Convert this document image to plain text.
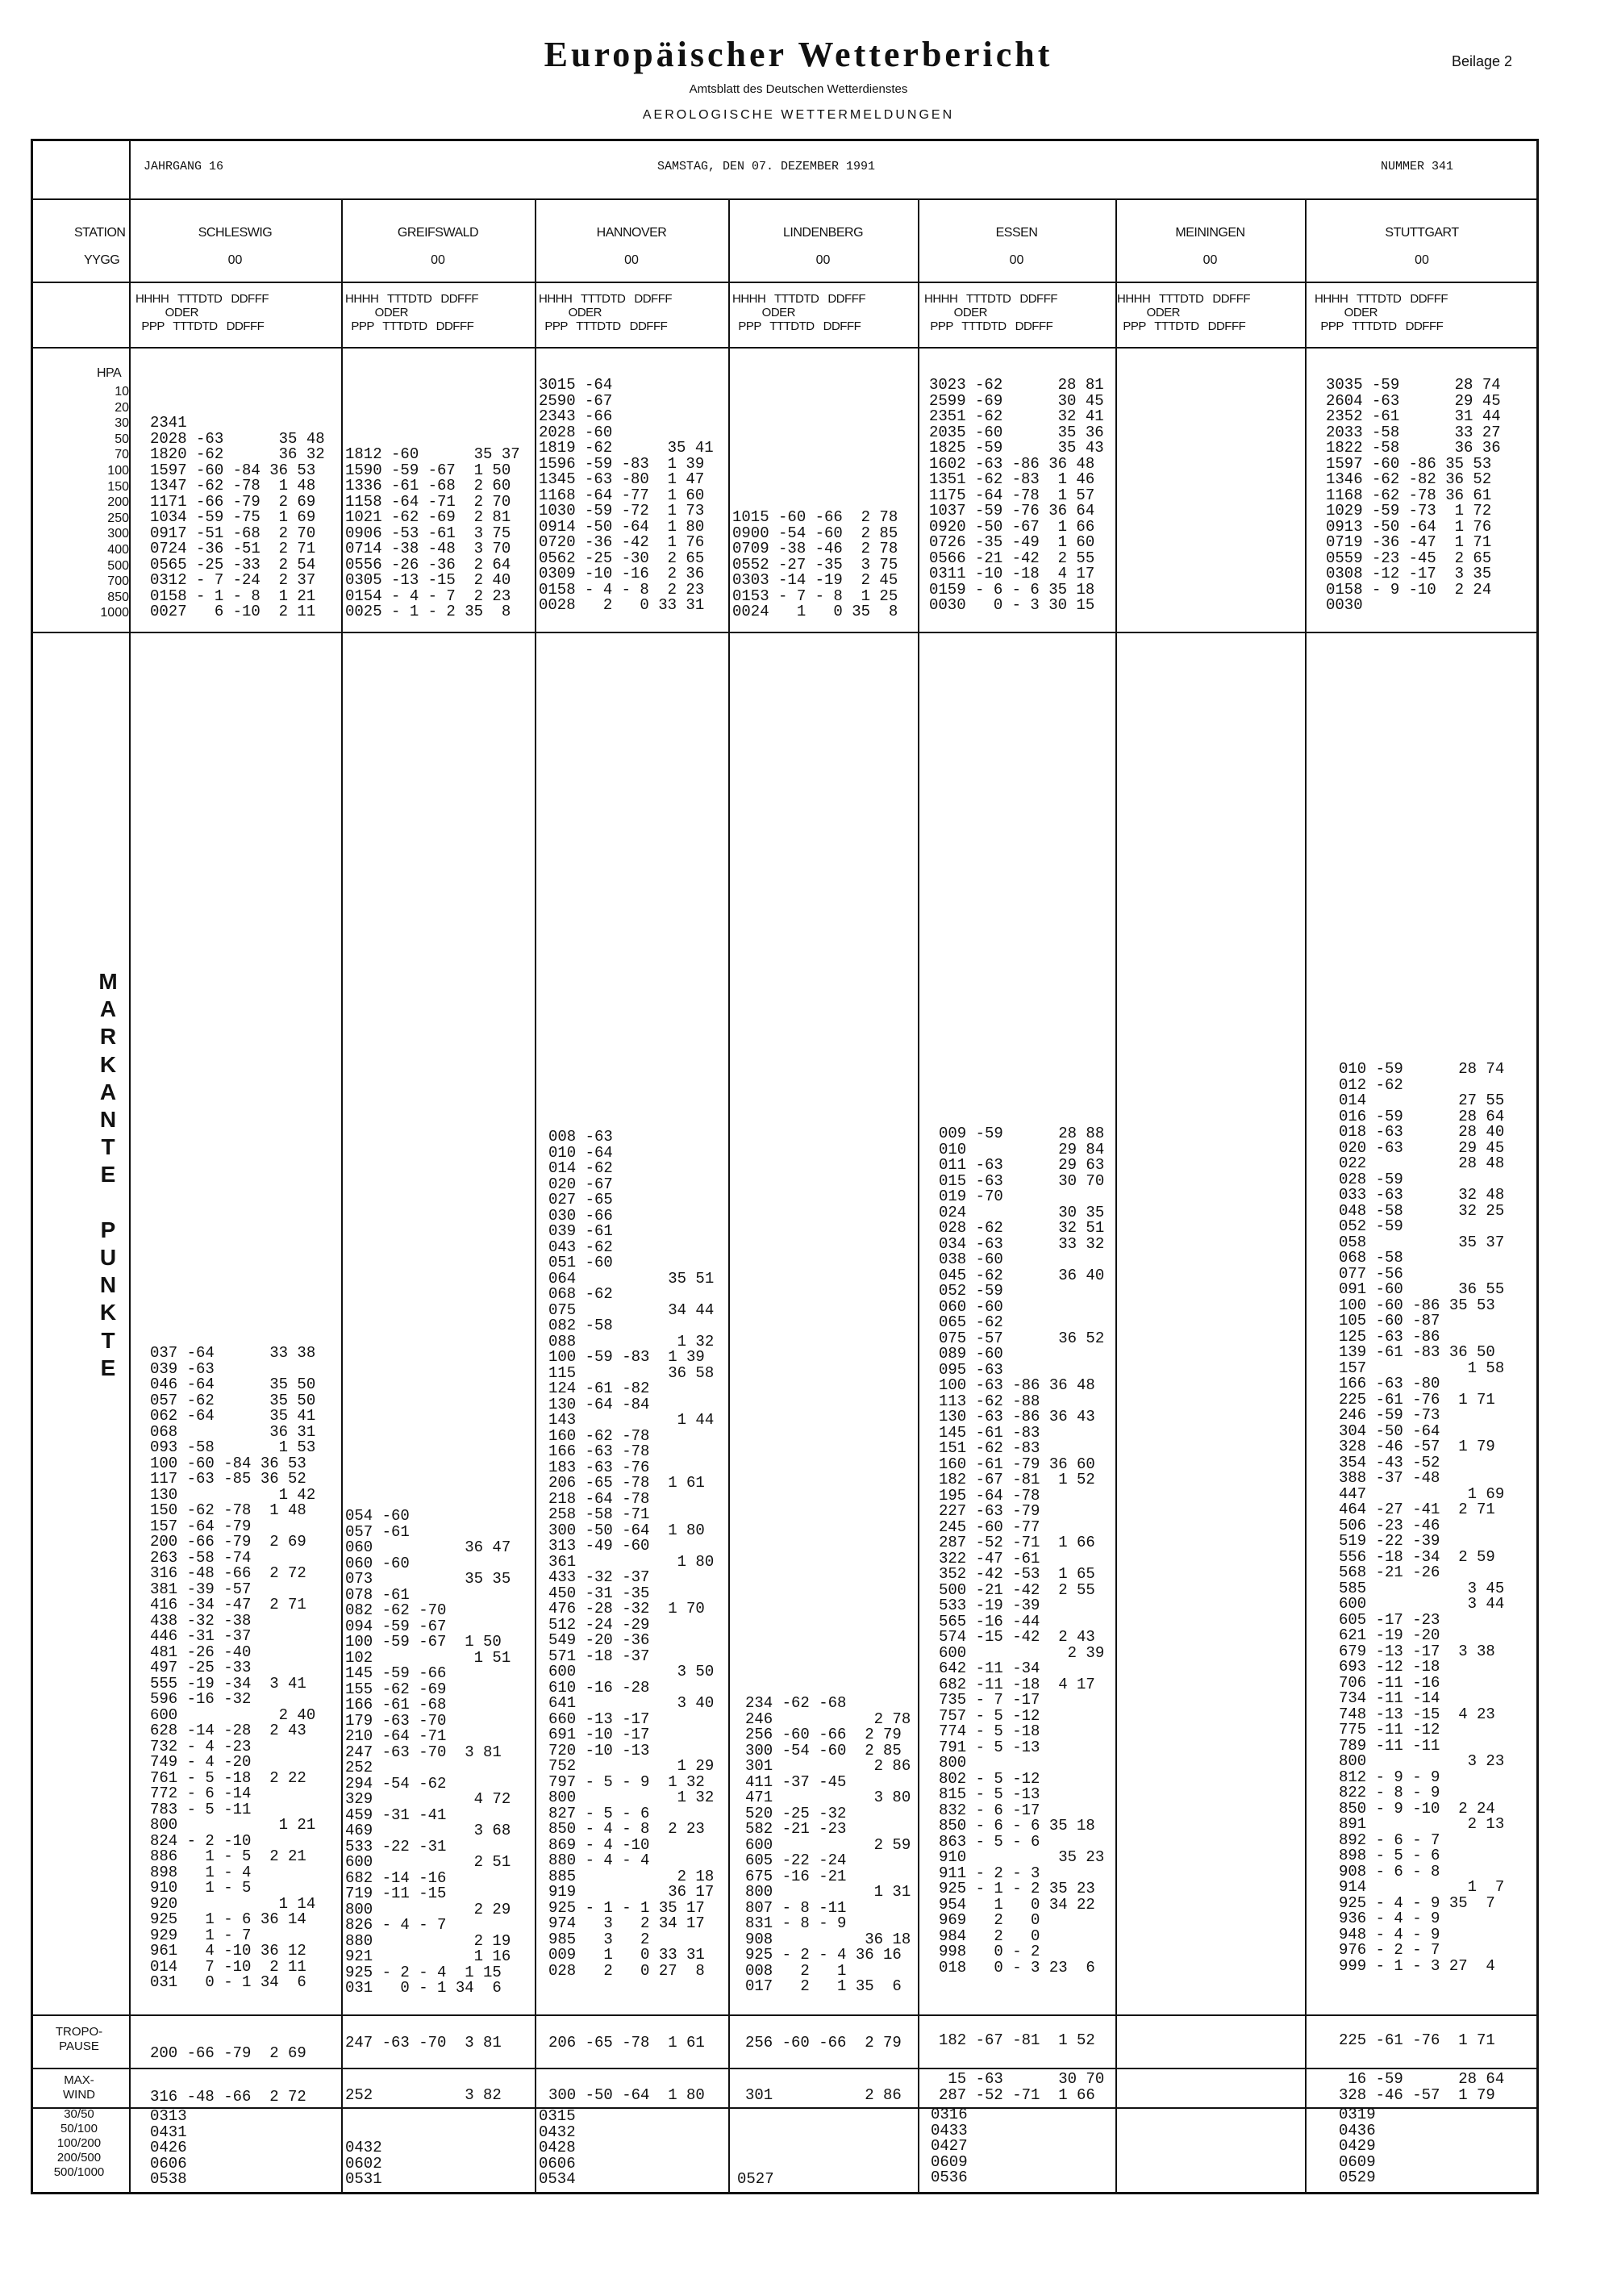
Europäischer Wetterbericht
Amtsblatt des Deutschen Wetterdienstes
AEROLOGISCHE WETTERMELDUNGEN
Beilage 2
JAHRGANG 16	SAMSTAG, DEN 07. DEZEMBER 1991	NUMMER 341
STATION
YYGG
HPA
10
20
30
50
70
100
150
200
250
300
400
500
700
850
1000
M
A
R
K
A
N
T
E

P
U
N
K
T
E
TROPO-
PAUSE
MAX-
WIND
30/50
50/100
100/200
200/500
500/1000
SCHLESWIG
00
HHHH   TTTDTD   DDFFF
ODER
PPP   TTTDTD   DDFFF

2341
2028 -63      35 48
1820 -62      36 32
1597 -60 -84 36 53
1347 -62 -78  1 48
1171 -66 -79  2 69
1034 -59 -75  1 69
0917 -51 -68  2 70
0724 -36 -51  2 71
0565 -25 -33  2 54
0312 - 7 -24  2 37
0158 - 1 - 8  1 21
0027   6 -10  2 11
037 -64      33 38
039 -63
046 -64      35 50
057 -62      35 50
062 -64      35 41
068          36 31
093 -58       1 53
100 -60 -84 36 53
117 -63 -85 36 52
130           1 42
150 -62 -78  1 48
157 -64 -79
200 -66 -79  2 69
263 -58 -74
316 -48 -66  2 72
381 -39 -57
416 -34 -47  2 71
438 -32 -38
446 -31 -37
481 -26 -40
497 -25 -33
555 -19 -34  3 41
596 -16 -32
600           2 40
628 -14 -28  2 43
732 - 4 -23
749 - 4 -20
761 - 5 -18  2 22
772 - 6 -14
783 - 5 -11
800           1 21
824 - 2 -10
886   1 - 5  2 21
898   1 - 4
910   1 - 5
920           1 14
925   1 - 6 36 14
929   1 - 7
961   4 -10 36 12
014   7 -10  2 11
031   0 - 1 34  6
200 -66 -79  2 69
316 -48 -66  2 72
0313
0431
0426
0606
0538
GREIFSWALD
00
HHHH   TTTDTD   DDFFF
ODER
PPP   TTTDTD   DDFFF

1812 -60      35 37
1590 -59 -67  1 50
1336 -61 -68  2 60
1158 -64 -71  2 70
1021 -62 -69  2 81
0906 -53 -61  3 75
0714 -38 -48  3 70
0556 -26 -36  2 64
0305 -13 -15  2 40
0154 - 4 - 7  2 23
0025 - 1 - 2 35  8
054 -60
057 -61
060          36 47
060 -60
073          35 35
078 -61
082 -62 -70
094 -59 -67
100 -59 -67  1 50
102           1 51
145 -59 -66
155 -62 -69
166 -61 -68
179 -63 -70
210 -64 -71
247 -63 -70  3 81
252
294 -54 -62
329           4 72
459 -31 -41
469           3 68
533 -22 -31
600           2 51
682 -14 -16
719 -11 -15
800           2 29
826 - 4 - 7
880           2 19
921           1 16
925 - 2 - 4  1 15
031   0 - 1 34  6
247 -63 -70  3 81
252          3 82

0432
0602
0531
HANNOVER
00
HHHH   TTTDTD   DDFFF
ODER
PPP   TTTDTD   DDFFF
3015 -64
2590 -67
2343 -66
2028 -60
1819 -62      35 41
1596 -59 -83  1 39
1345 -63 -80  1 47
1168 -64 -77  1 60
1030 -59 -72  1 73
0914 -50 -64  1 80
0720 -36 -42  1 76
0562 -25 -30  2 65
0309 -10 -16  2 36
0158 - 4 - 8  2 23
0028   2   0 33 31
008 -63
010 -64
014 -62
020 -67
027 -65
030 -66
039 -61
043 -62
051 -60
064          35 51
068 -62
075          34 44
082 -58
088           1 32
100 -59 -83  1 39
115          36 58
124 -61 -82
130 -64 -84
143           1 44
160 -62 -78
166 -63 -78
183 -63 -76
206 -65 -78  1 61
218 -64 -78
258 -58 -71
300 -50 -64  1 80
313 -49 -60
361           1 80
433 -32 -37
450 -31 -35
476 -28 -32  1 70
512 -24 -29
549 -20 -36
571 -18 -37
600           3 50
610 -16 -28
641           3 40
660 -13 -17
691 -10 -17
720 -10 -13
752           1 29
797 - 5 - 9  1 32
800           1 32
827 - 5 - 6
850 - 4 - 8  2 23
869 - 4 -10
880 - 4 - 4
885           2 18
919          36 17
925 - 1 - 1 35 17
974   3   2 34 17
985   3   2
009   1   0 33 31
028   2   0 27  8
206 -65 -78  1 61
300 -50 -64  1 80
0315
0432
0428
0606
0534
LINDENBERG
00
HHHH   TTTDTD   DDFFF
ODER
PPP   TTTDTD   DDFFF

1015 -60 -66  2 78
0900 -54 -60  2 85
0709 -38 -46  2 78
0552 -27 -35  3 75
0303 -14 -19  2 45
0153 - 7 - 8  1 25
0024   1   0 35  8
234 -62 -68
246           2 78
256 -60 -66  2 79
300 -54 -60  2 85
301           2 86
411 -37 -45
471           3 80
520 -25 -32
582 -21 -23
600           2 59
605 -22 -24
675 -16 -21
800           1 31
807 - 8 -11
831 - 8 - 9
908          36 18
925 - 2 - 4 36 16
008   2   1
017   2   1 35  6
256 -60 -66  2 79
301          2 86

0527
ESSEN
00
HHHH   TTTDTD   DDFFF
ODER
PPP   TTTDTD   DDFFF
3023 -62      28 81
2599 -69      30 45
2351 -62      32 41
2035 -60      35 36
1825 -59      35 43
1602 -63 -86 36 48
1351 -62 -83  1 46
1175 -64 -78  1 57
1037 -59 -76 36 64
0920 -50 -67  1 66
0726 -35 -49  1 60
0566 -21 -42  2 55
0311 -10 -18  4 17
0159 - 6 - 6 35 18
0030   0 - 3 30 15
009 -59      28 88
010          29 84
011 -63      29 63
015 -63      30 70
019 -70
024          30 35
028 -62      32 51
034 -63      33 32
038 -60
045 -62      36 40
052 -59
060 -60
065 -62
075 -57      36 52
089 -60
095 -63
100 -63 -86 36 48
113 -62 -88
130 -63 -86 36 43
145 -61 -83
151 -62 -83
160 -61 -79 36 60
182 -67 -81  1 52
195 -64 -78
227 -63 -79
245 -60 -77
287 -52 -71  1 66
322 -47 -61
352 -42 -53  1 65
500 -21 -42  2 55
533 -19 -39
565 -16 -44
574 -15 -42  2 43
600           2 39
642 -11 -34
682 -11 -18  4 17
735 - 7 -17
757 - 5 -12
774 - 5 -18
791 - 5 -13
800
802 - 5 -12
815 - 5 -13
832 - 6 -17
850 - 6 - 6 35 18
863 - 5 - 6
910          35 23
911 - 2 - 3
925 - 1 - 2 35 23
954   1   0 34 22
969   2   0
984   2   0
998   0 - 2
018   0 - 3 23  6
182 -67 -81  1 52
15 -63      30 70
287 -52 -71  1 66
0316
0433
0427
0609
0536
MEININGEN
00
HHHH   TTTDTD   DDFFF
ODER
PPP   TTTDTD   DDFFF
STUTTGART
00
HHHH   TTTDTD   DDFFF
ODER
PPP   TTTDTD   DDFFF
3035 -59      28 74
2604 -63      29 45
2352 -61      31 44
2033 -58      33 27
1822 -58      36 36
1597 -60 -86 35 53
1346 -62 -82 36 52
1168 -62 -78 36 61
1029 -59 -73  1 72
0913 -50 -64  1 76
0719 -36 -47  1 71
0559 -23 -45  2 65
0308 -12 -17  3 35
0158 - 9 -10  2 24
0030
010 -59      28 74
012 -62
014          27 55
016 -59      28 64
018 -63      28 40
020 -63      29 45
022          28 48
028 -59
033 -63      32 48
048 -58      32 25
052 -59
058          35 37
068 -58
077 -56
091 -60      36 55
100 -60 -86 35 53
105 -60 -87
125 -63 -86
139 -61 -83 36 50
157           1 58
166 -63 -80
225 -61 -76  1 71
246 -59 -73
304 -50 -64
328 -46 -57  1 79
354 -43 -52
388 -37 -48
447           1 69
464 -27 -41  2 71
506 -23 -46
519 -22 -39
556 -18 -34  2 59
568 -21 -26
585           3 45
600           3 44
605 -17 -23
621 -19 -20
679 -13 -17  3 38
693 -12 -18
706 -11 -16
734 -11 -14
748 -13 -15  4 23
775 -11 -12
789 -11 -11
800           3 23
812 - 9 - 9
822 - 8 - 9
850 - 9 -10  2 24
891           2 13
892 - 6 - 7
898 - 5 - 6
908 - 6 - 8
914           1  7
925 - 4 - 9 35  7
936 - 4 - 9
948 - 4 - 9
976 - 2 - 7
999 - 1 - 3 27  4
225 -61 -76  1 71
16 -59      28 64
328 -46 -57  1 79
0319
0436
0429
0609
0529
